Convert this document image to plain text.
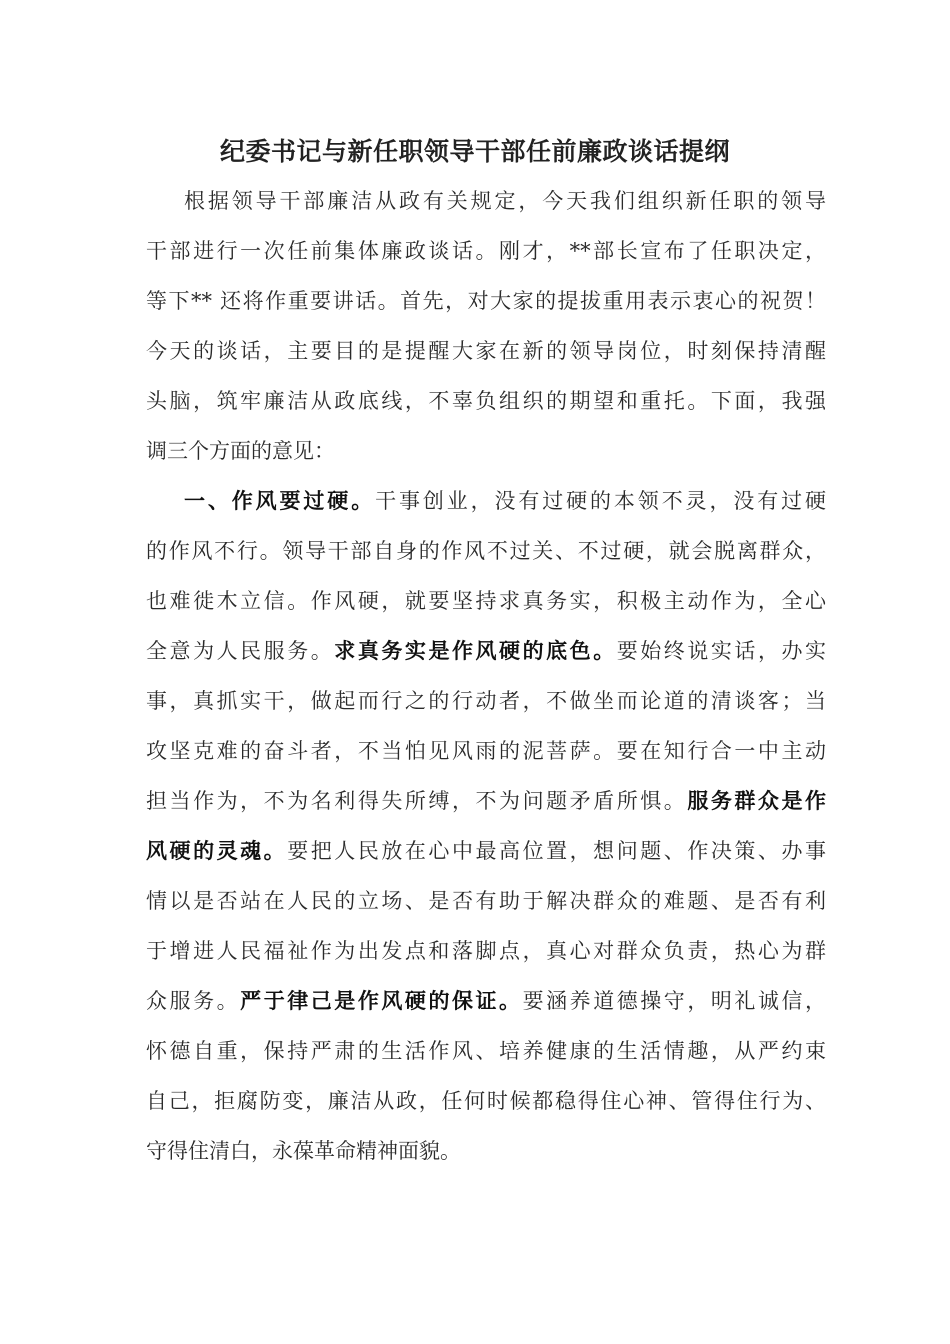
纪委书记与新任职领导干部任前廉政谈话提纲
根据领导干部廉洁从政有关规定，今天我们组织新任职的领导
干部进行一次任前集体廉政谈话。刚才，**部长宣布了任职决定，
等下** 还将作重要讲话。首先，对大家的提拔重用表示衷心的祝贺！
今天的谈话，主要目的是提醒大家在新的领导岗位，时刻保持清醒
头脑，筑牢廉洁从政底线，不辜负组织的期望和重托。下面，我强
调三个方面的意见：
一、作风要过硬。干事创业，没有过硬的本领不灵，没有过硬
的作风不行。领导干部自身的作风不过关、不过硬，就会脱离群众，
也难徙木立信。作风硬，就要坚持求真务实，积极主动作为，全心
全意为人民服务。求真务实是作风硬的底色。要始终说实话，办实
事，真抓实干，做起而行之的行动者，不做坐而论道的清谈客；当
攻坚克难的奋斗者，不当怕见风雨的泥菩萨。要在知行合一中主动
担当作为，不为名利得失所缚，不为问题矛盾所惧。服务群众是作
风硬的灵魂。要把人民放在心中最高位置，想问题、作决策、办事
情以是否站在人民的立场、是否有助于解决群众的难题、是否有利
于增进人民福祉作为出发点和落脚点，真心对群众负责，热心为群
众服务。严于律己是作风硬的保证。要涵养道德操守，明礼诚信，
怀德自重，保持严肃的生活作风、培养健康的生活情趣，从严约束
自己，拒腐防变，廉洁从政，任何时候都稳得住心神、管得住行为、
守得住清白，永葆革命精神面貌。
